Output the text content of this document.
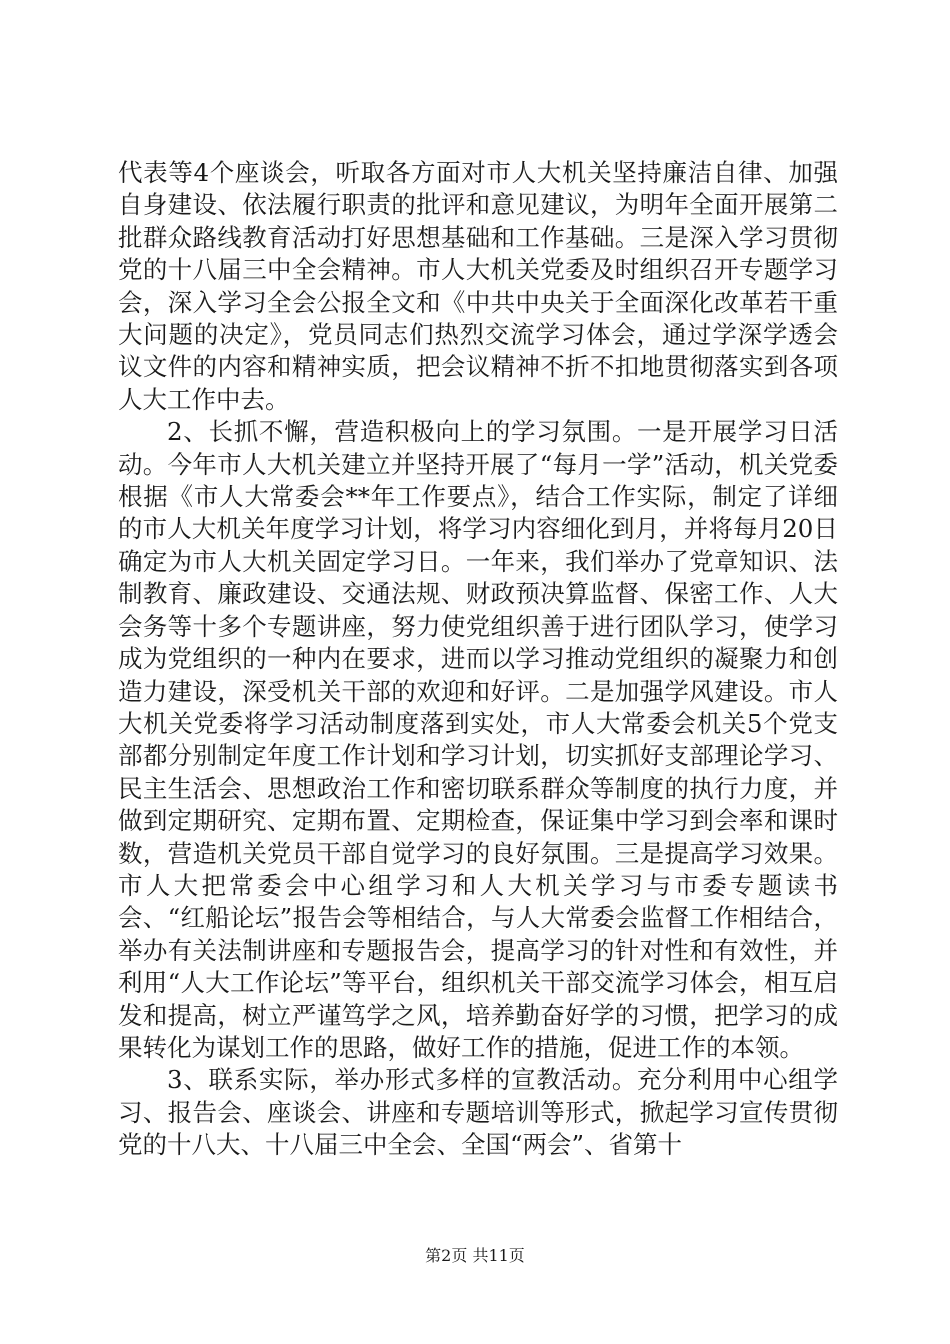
代表等4个座谈会，听取各方面对市人大机关坚持廉洁自律、加强自身建设、依法履行职责的批评和意见建议，为明年全面开展第二批群众路线教育活动打好思想基础和工作基础。三是深入学习贯彻党的十八届三中全会精神。市人大机关党委及时组织召开专题学习会，深入学习全会公报全文和《中共中央关于全面深化改革若干重大问题的决定》，党员同志们热烈交流学习体会，通过学深学透会议文件的内容和精神实质，把会议精神不折不扣地贯彻落实到各项人大工作中去。

2、长抓不懈，营造积极向上的学习氛围。一是开展学习日活动。今年市人大机关建立并坚持开展了“每月一学”活动，机关党委根据《市人大常委会**年工作要点》，结合工作实际，制定了详细的市人大机关年度学习计划，将学习内容细化到月，并将每月20日确定为市人大机关固定学习日。一年来，我们举办了党章知识、法制教育、廉政建设、交通法规、财政预决算监督、保密工作、人大会务等十多个专题讲座，努力使党组织善于进行团队学习，使学习成为党组织的一种内在要求，进而以学习推动党组织的凝聚力和创造力建设，深受机关干部的欢迎和好评。二是加强学风建设。市人大机关党委将学习活动制度落到实处，市人大常委会机关5个党支部都分别制定年度工作计划和学习计划，切实抓好支部理论学习、民主生活会、思想政治工作和密切联系群众等制度的执行力度，并做到定期研究、定期布置、定期检查，保证集中学习到会率和课时数，营造机关党员干部自觉学习的良好氛围。三是提高学习效果。市人大把常委会中心组学习和人大机关学习与市委专题读书会、“红船论坛”报告会等相结合，与人大常委会监督工作相结合，举办有关法制讲座和专题报告会，提高学习的针对性和有效性，并利用“人大工作论坛”等平台，组织机关干部交流学习体会，相互启发和提高，树立严谨笃学之风，培养勤奋好学的习惯，把学习的成果转化为谋划工作的思路，做好工作的措施，促进工作的本领。

3、联系实际，举办形式多样的宣教活动。充分利用中心组学习、报告会、座谈会、讲座和专题培训等形式，掀起学习宣传贯彻党的十八大、十八届三中全会、全国“两会”、省第十

第2页 共11页
